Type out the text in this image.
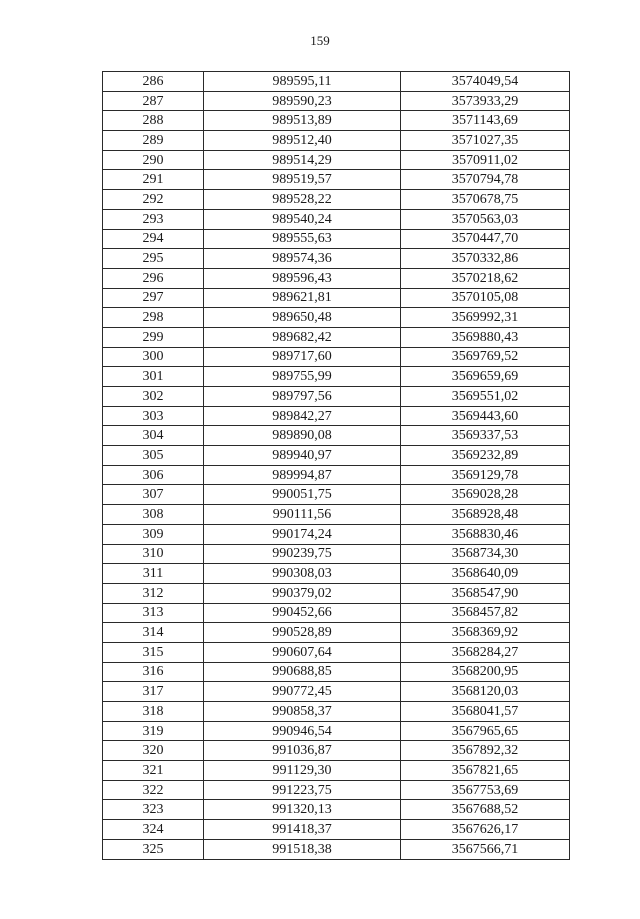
159
286	989595,11	3574049,54
287	989590,23	3573933,29
288	989513,89	3571143,69
289	989512,40	3571027,35
290	989514,29	3570911,02
291	989519,57	3570794,78
292	989528,22	3570678,75
293	989540,24	3570563,03
294	989555,63	3570447,70
295	989574,36	3570332,86
296	989596,43	3570218,62
297	989621,81	3570105,08
298	989650,48	3569992,31
299	989682,42	3569880,43
300	989717,60	3569769,52
301	989755,99	3569659,69
302	989797,56	3569551,02
303	989842,27	3569443,60
304	989890,08	3569337,53
305	989940,97	3569232,89
306	989994,87	3569129,78
307	990051,75	3569028,28
308	990111,56	3568928,48
309	990174,24	3568830,46
310	990239,75	3568734,30
311	990308,03	3568640,09
312	990379,02	3568547,90
313	990452,66	3568457,82
314	990528,89	3568369,92
315	990607,64	3568284,27
316	990688,85	3568200,95
317	990772,45	3568120,03
318	990858,37	3568041,57
319	990946,54	3567965,65
320	991036,87	3567892,32
321	991129,30	3567821,65
322	991223,75	3567753,69
323	991320,13	3567688,52
324	991418,37	3567626,17
325	991518,38	3567566,71
